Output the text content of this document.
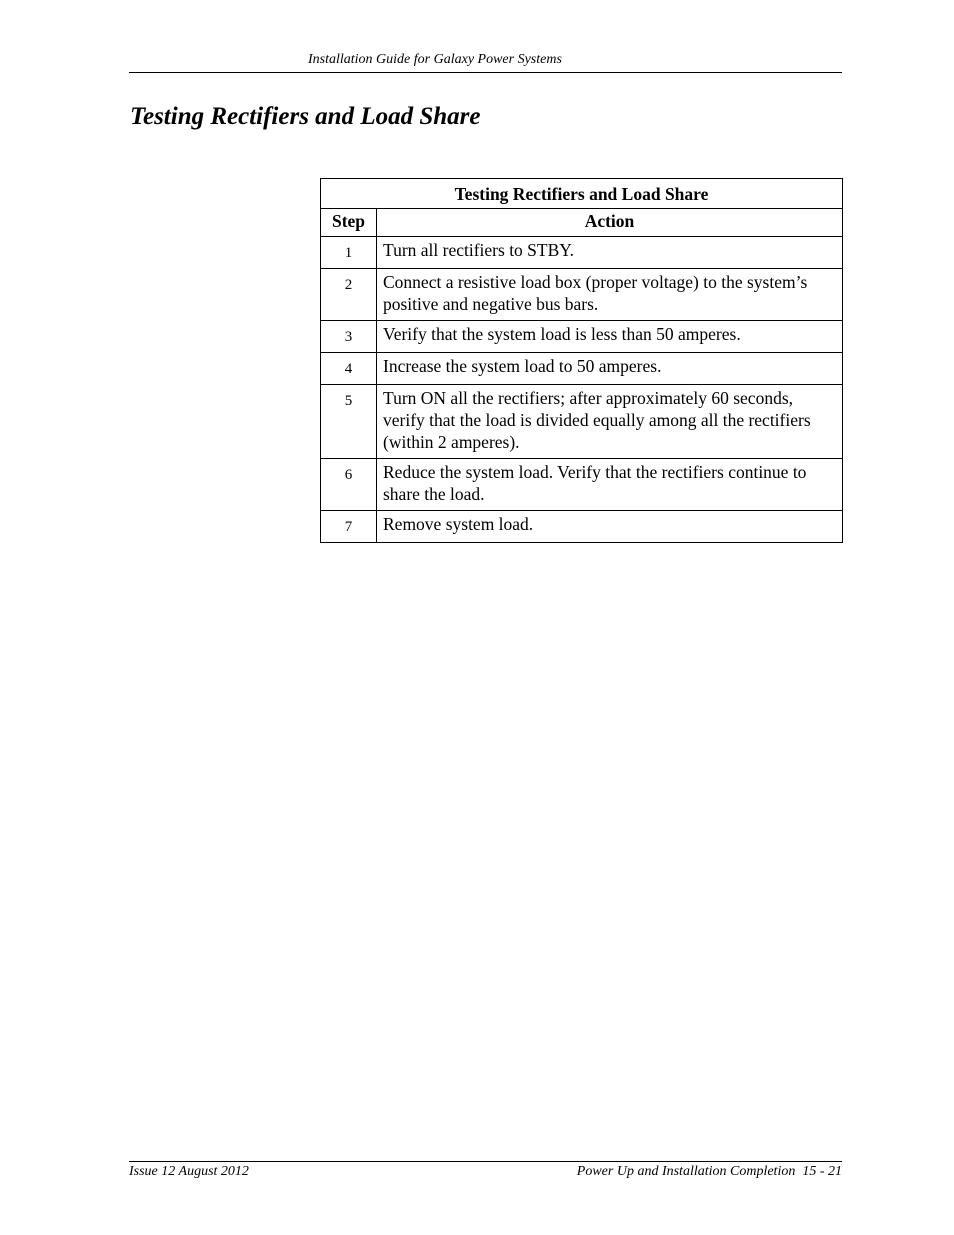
Installation Guide for Galaxy Power Systems
Testing Rectifiers and Load Share
Testing Rectifiers and Load Share	
Step	Action
1	Turn all rectifiers to STBY.
2	Connect a resistive load box (proper voltage) to the system’s positive and negative bus bars.
3	Verify that the system load is less than 50 amperes.
4	Increase the system load to 50 amperes.
5	Turn ON all the rectifiers; after approximately 60 seconds, verify that the load is divided equally among all the rectifiers (within 2 amperes).
6	Reduce the system load. Verify that the rectifiers continue to share the load.
7	Remove system load.
Issue 12 August 2012	Power Up and Installation Completion  15 - 21
